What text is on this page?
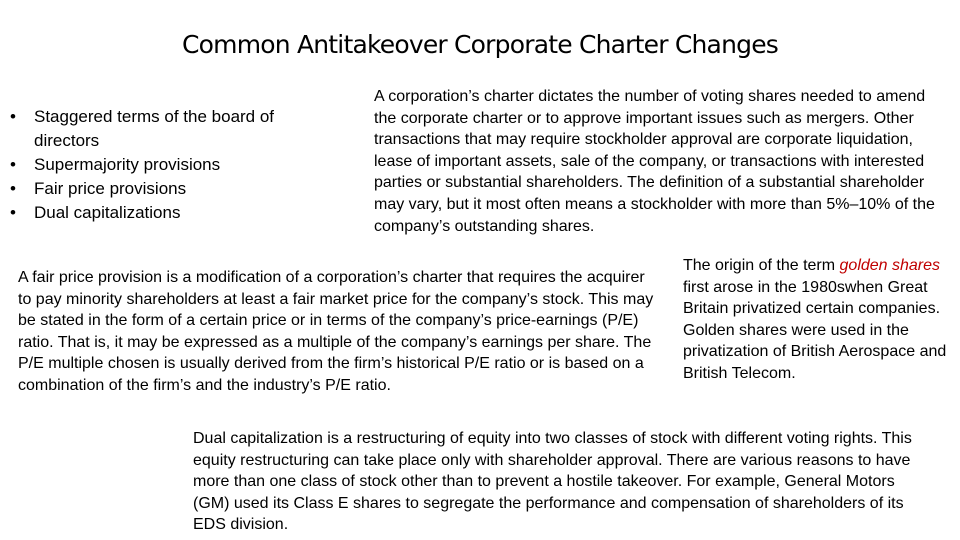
Common Antitakeover Corporate Charter Changes
• Staggered terms of the board of directors
• Supermajority provisions
• Fair price provisions
• Dual capitalizations

A corporation’s charter dictates the number of voting shares needed to amend the corporate charter or to approve important issues such as mergers. Other transactions that may require stockholder approval are corporate liquidation, lease of important assets, sale of the company, or transactions with interested parties or substantial shareholders. The definition of a substantial shareholder may vary, but it most often means a stockholder with more than 5%–10% of the company’s outstanding shares.

A fair price provision is a modification of a corporation’s charter that requires the acquirer to pay minority shareholders at least a fair market price for the company’s stock. This may be stated in the form of a certain price or in terms of the company’s price-earnings (P/E) ratio. That is, it may be expressed as a multiple of the company’s earnings per share. The P/E multiple chosen is usually derived from the firm’s historical P/E ratio or is based on a combination of the firm’s and the industry’s P/E ratio.

The origin of the term golden shares first arose in the 1980swhen Great Britain privatized certain companies. Golden shares were used in the privatization of British Aerospace and British Telecom.

Dual capitalization is a restructuring of equity into two classes of stock with different voting rights. This equity restructuring can take place only with shareholder approval. There are various reasons to have more than one class of stock other than to prevent a hostile takeover. For example, General Motors (GM) used its Class E shares to segregate the performance and compensation of shareholders of its EDS division.
